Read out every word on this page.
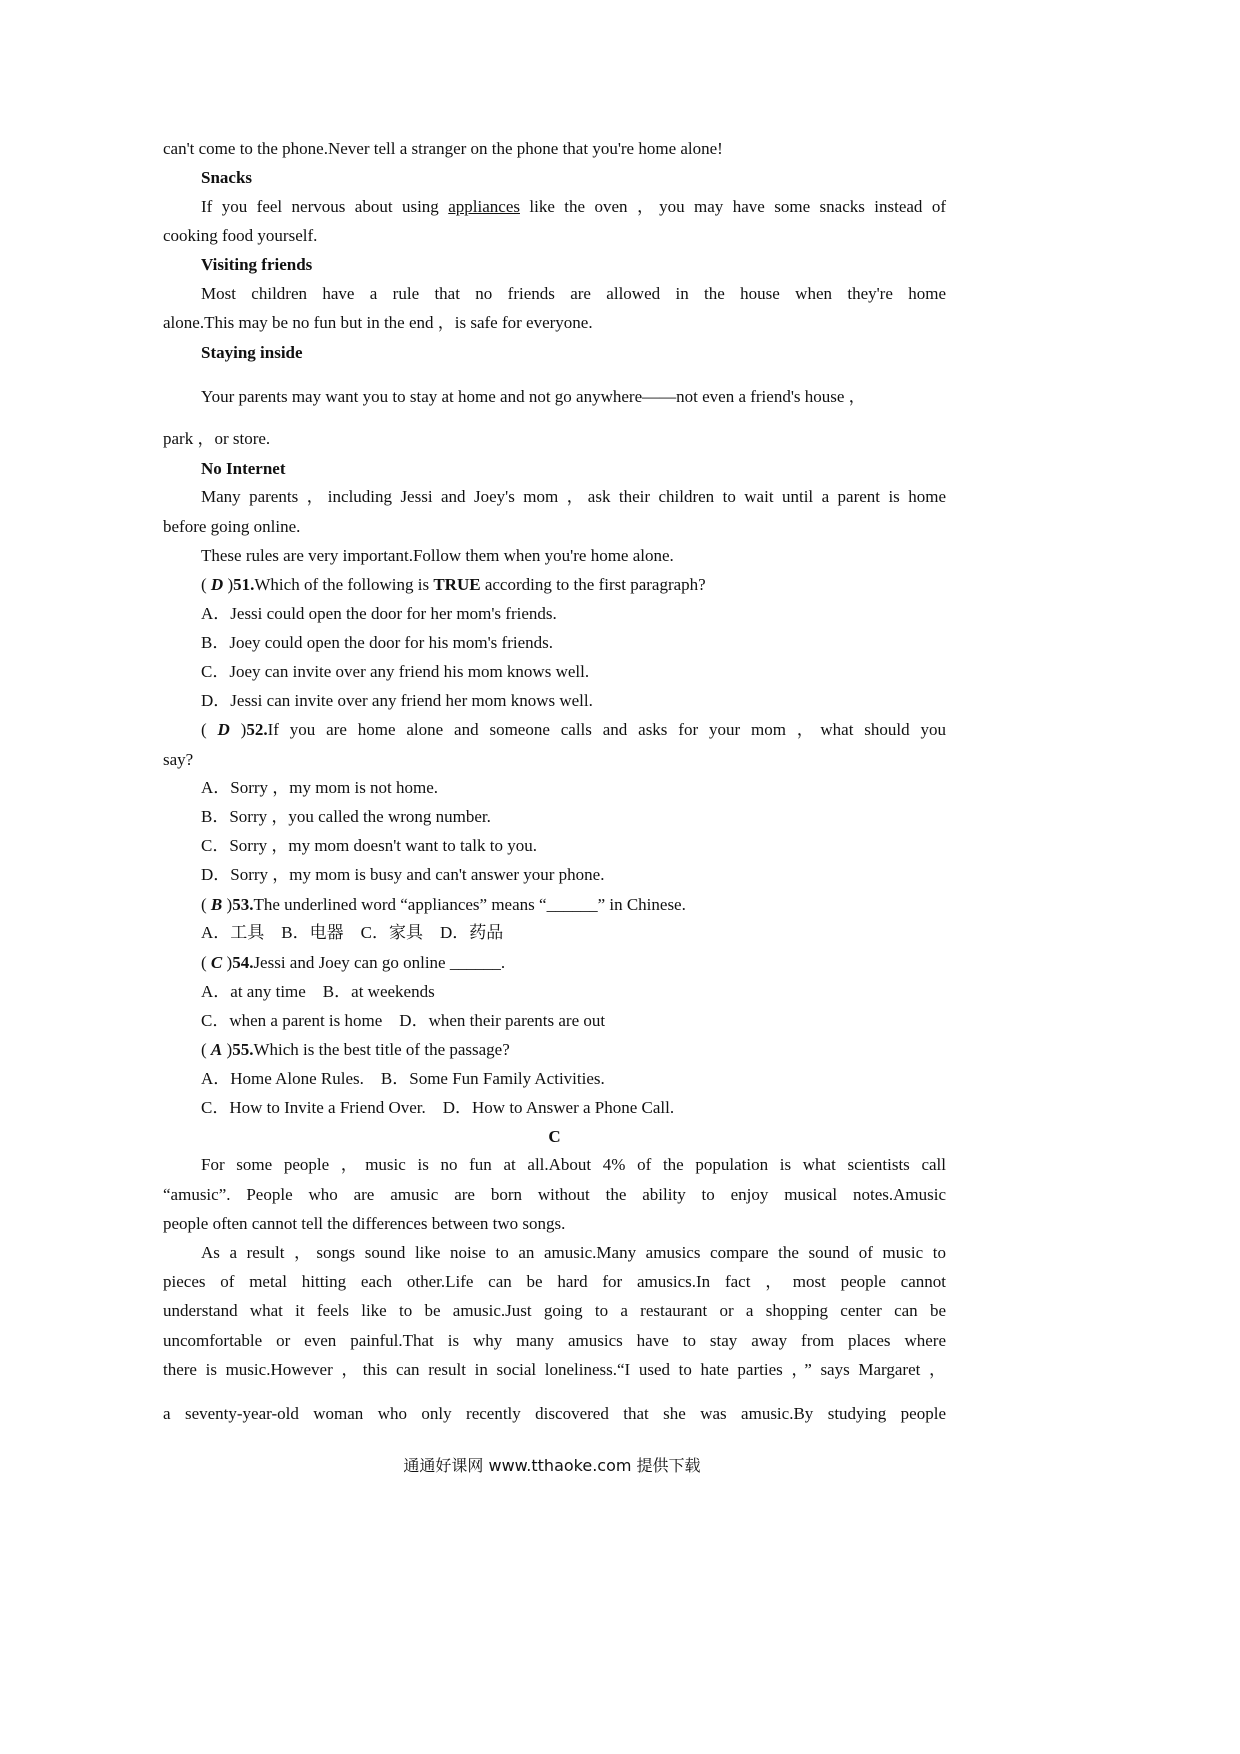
can't come to the phone.Never tell a stranger on the phone that you're home alone!
Snacks
If you feel nervous about using appliances like the oven ，you may have some snacks instead of
cooking food yourself.
Visiting friends
Most children have a rule that no friends are allowed in the house when they're home
alone.This may be no fun but in the end ，is safe for everyone.
Staying inside
Your parents may want you to stay at home and not go anywhere——not even a friend's house ，
park ，or store.
No Internet
Many parents ，including Jessi and Joey's mom ，ask their children to wait until a parent is home
before going online.
These rules are very important.Follow them when you're home alone.
( D )51.Which of the following is TRUE according to the first paragraph?
A．Jessi could open the door for her mom's friends.
B．Joey could open the door for his mom's friends.
C．Joey can invite over any friend his mom knows well.
D．Jessi can invite over any friend her mom knows well.
( D )52.If you are home alone and someone calls and asks for your mom ，what should you
say?
A．Sorry ，my mom is not home.
B．Sorry ，you called the wrong number.
C．Sorry ，my mom doesn't want to talk to you.
D．Sorry ，my mom is busy and can't answer your phone.
( B )53.The underlined word “appliances” means “______” in Chinese.
A．工具　B．电器　C．家具　D．药品
( C )54.Jessi and Joey can go online ______.
A．at any time　B．at weekends
C．when a parent is home　D．when their parents are out
( A )55.Which is the best title of the passage?
A．Home Alone Rules.　B．Some Fun Family Activities.
C．How to Invite a Friend Over.　D．How to Answer a Phone Call.
C
For some people ，music is no fun at all.About 4% of the population is what scientists call
“amusic”. People who are amusic are born without the ability to enjoy musical notes.Amusic
people often cannot tell the differences between two songs.
As a result ，songs sound like noise to an amusic.Many amusics compare the sound of music to
pieces of metal hitting each other.Life can be hard for amusics.In fact ，most people cannot
understand what it feels like to be amusic.Just going to a restaurant or a shopping center can be
uncomfortable or even painful.That is why many amusics have to stay away from places where
there is music.However ，this can result in social loneliness.“I used to hate parties ，” says Margaret ，
a seventy-year-old woman who only recently discovered that she was amusic.By studying people
通通好课网 www.tthaoke.com 提供下载
